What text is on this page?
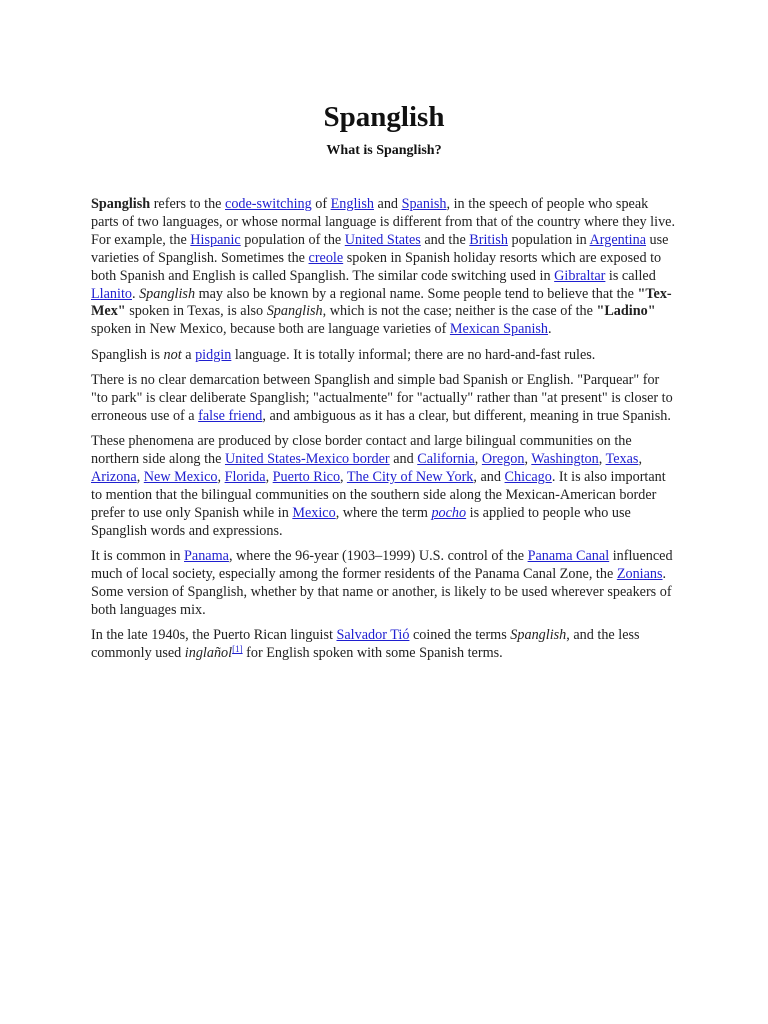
Spanglish
What is Spanglish?

Spanglish refers to the code-switching of English and Spanish, in the speech of people who speak parts of two languages, or whose normal language is different from that of the country where they live. For example, the Hispanic population of the United States and the British population in Argentina use varieties of Spanglish. Sometimes the creole spoken in Spanish holiday resorts which are exposed to both Spanish and English is called Spanglish. The similar code switching used in Gibraltar is called Llanito. Spanglish may also be known by a regional name. Some people tend to believe that the "Tex-Mex" spoken in Texas, is also Spanglish, which is not the case; neither is the case of the "Ladino" spoken in New Mexico, because both are language varieties of Mexican Spanish.

Spanglish is not a pidgin language. It is totally informal; there are no hard-and-fast rules.

There is no clear demarcation between Spanglish and simple bad Spanish or English. "Parquear" for "to park" is clear deliberate Spanglish; "actualmente" for "actually" rather than "at present" is closer to erroneous use of a false friend, and ambiguous as it has a clear, but different, meaning in true Spanish.

These phenomena are produced by close border contact and large bilingual communities on the northern side along the United States-Mexico border and California, Oregon, Washington, Texas, Arizona, New Mexico, Florida, Puerto Rico, The City of New York, and Chicago. It is also important to mention that the bilingual communities on the southern side along the Mexican-American border prefer to use only Spanish while in Mexico, where the term pocho is applied to people who use Spanglish words and expressions.

It is common in Panama, where the 96-year (1903–1999) U.S. control of the Panama Canal influenced much of local society, especially among the former residents of the Panama Canal Zone, the Zonians. Some version of Spanglish, whether by that name or another, is likely to be used wherever speakers of both languages mix.

In the late 1940s, the Puerto Rican linguist Salvador Tió coined the terms Spanglish, and the less commonly used inglañol[1] for English spoken with some Spanish terms.
